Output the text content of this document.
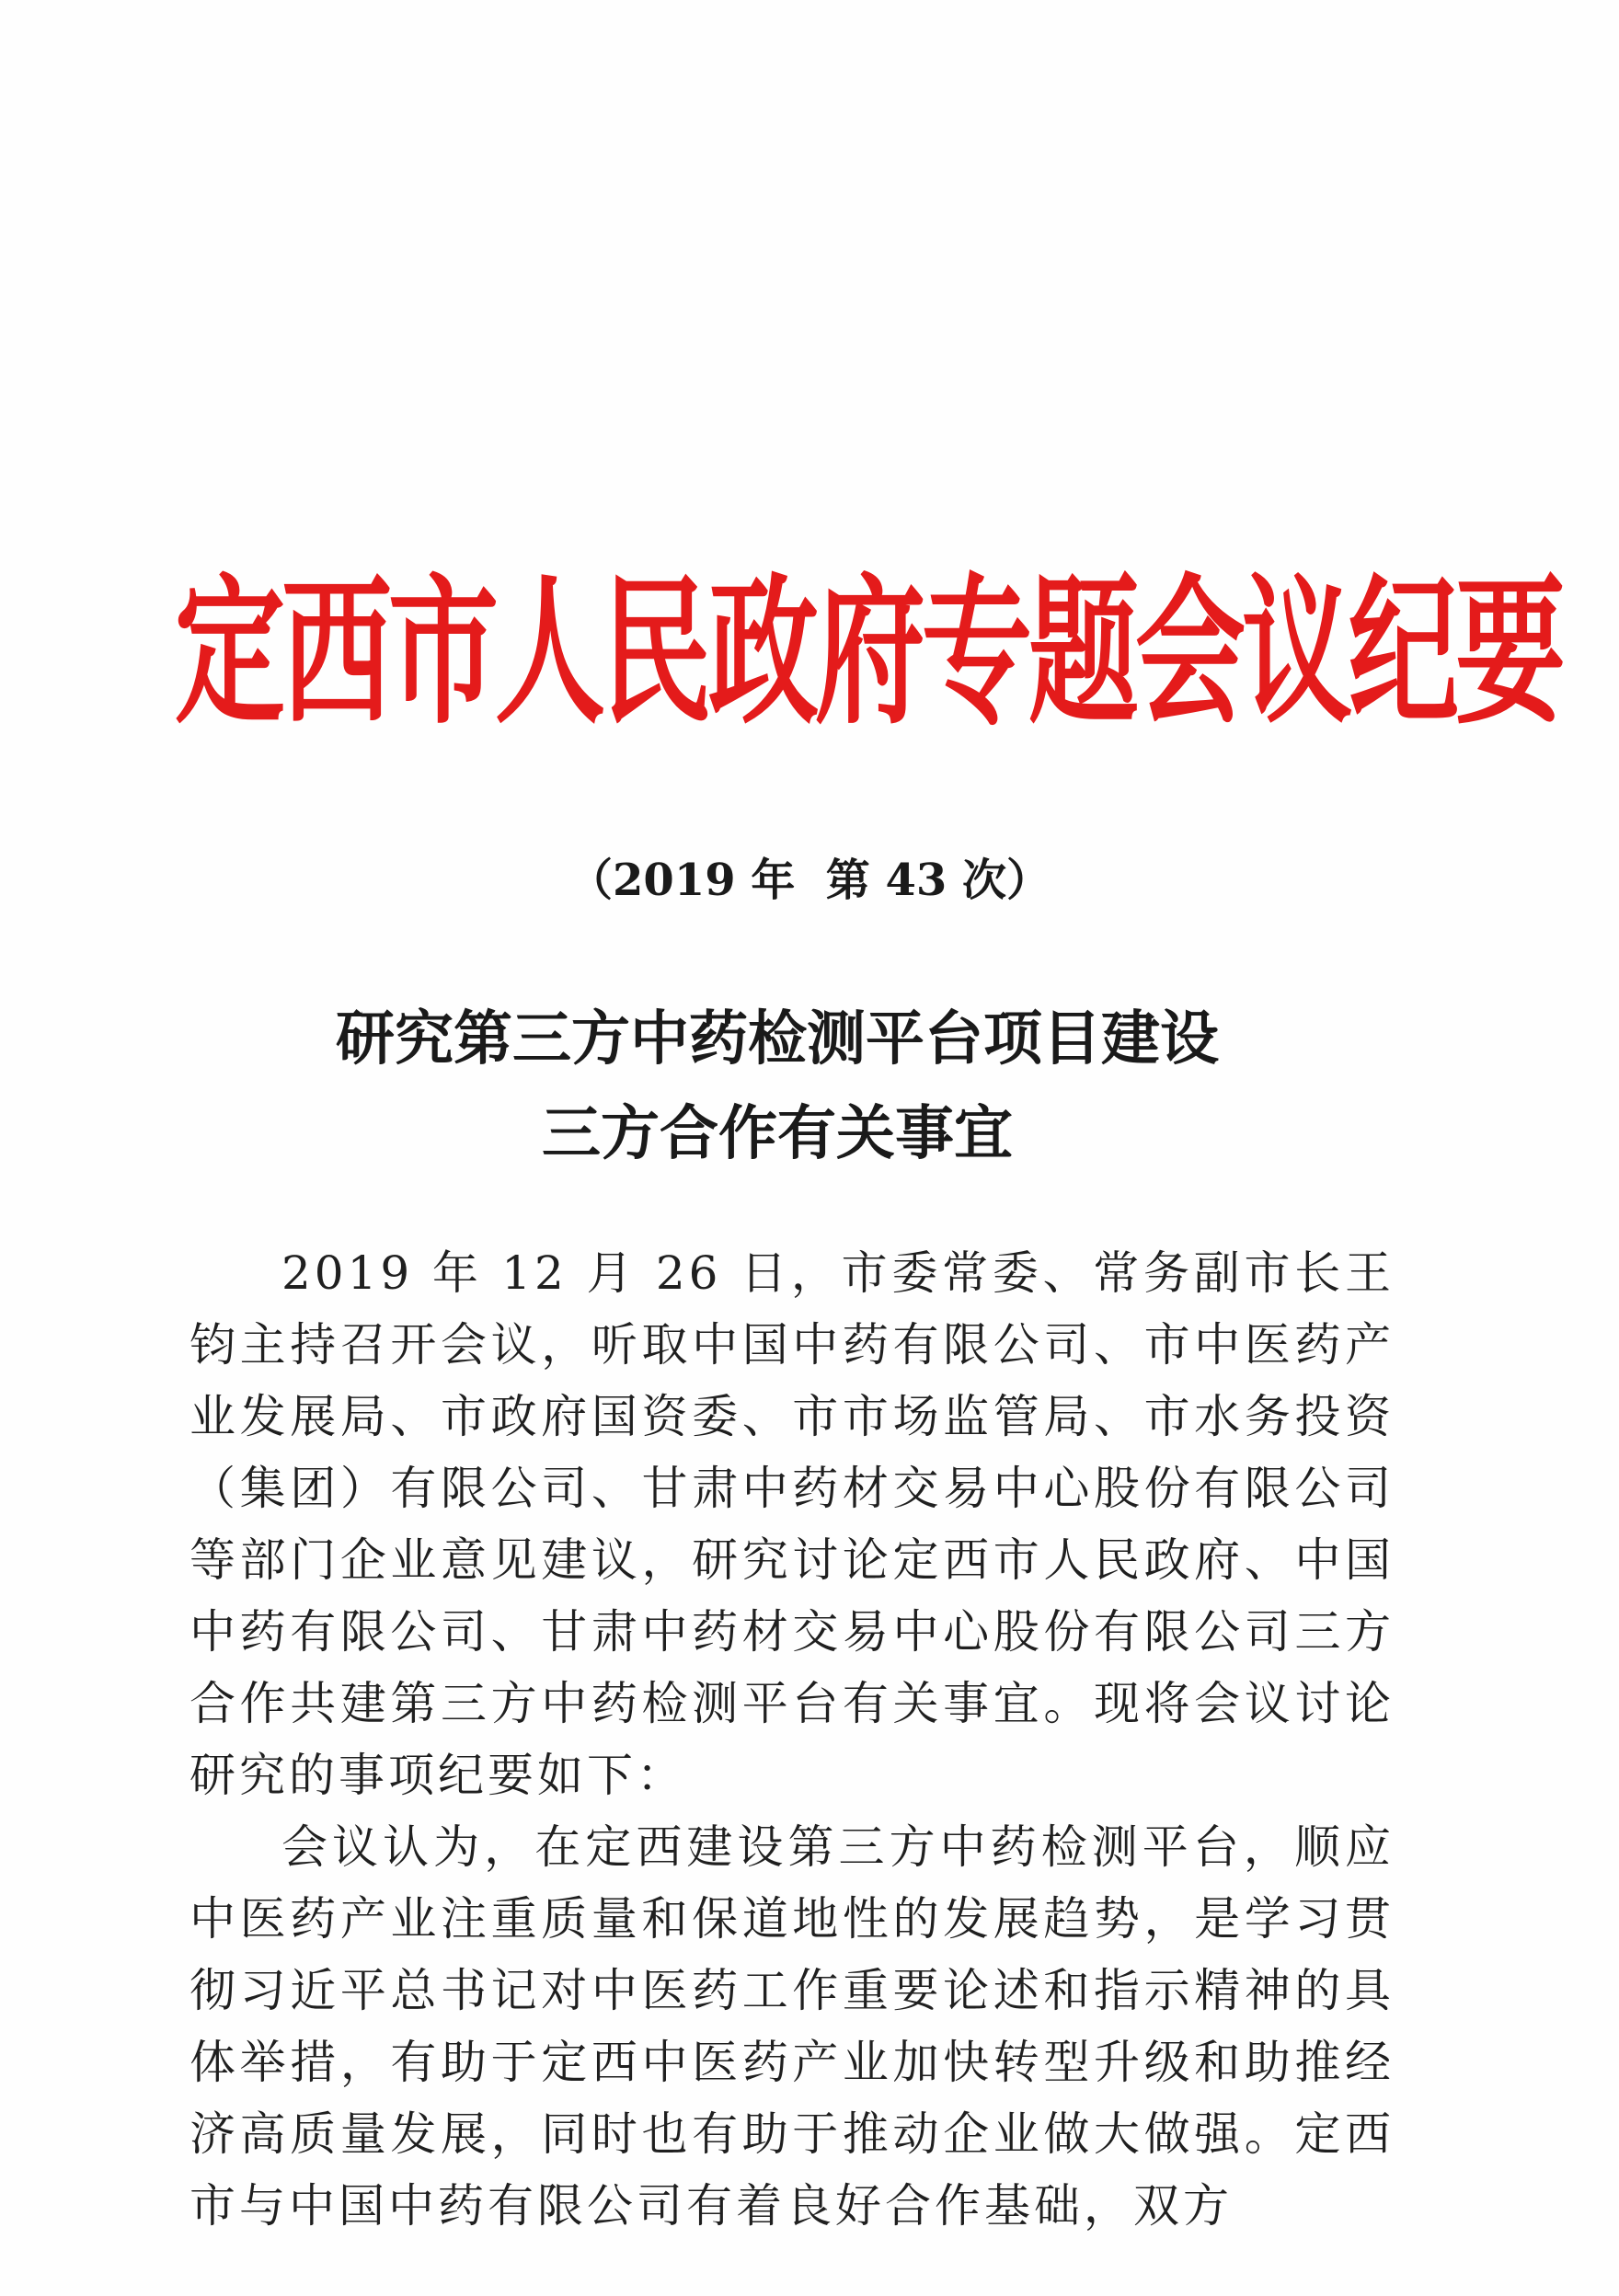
定西市人民政府专题会议纪要
（2019 年  第 43 次）
研究第三方中药检测平台项目建设
三方合作有关事宜

2019 年 12 月 26 日，市委常委、常务副市长王钧主持召开会议，听取中国中药有限公司、市中医药产业发展局、市政府国资委、市市场监管局、市水务投资（集团）有限公司、甘肃中药材交易中心股份有限公司等部门企业意见建议，研究讨论定西市人民政府、中国中药有限公司、甘肃中药材交易中心股份有限公司三方合作共建第三方中药检测平台有关事宜。现将会议讨论研究的事项纪要如下：

会议认为，在定西建设第三方中药检测平台，顺应中医药产业注重质量和保道地性的发展趋势，是学习贯彻习近平总书记对中医药工作重要论述和指示精神的具体举措，有助于定西中医药产业加快转型升级和助推经济高质量发展，同时也有助于推动企业做大做强。定西市与中国中药有限公司有着良好合作基础，双方
